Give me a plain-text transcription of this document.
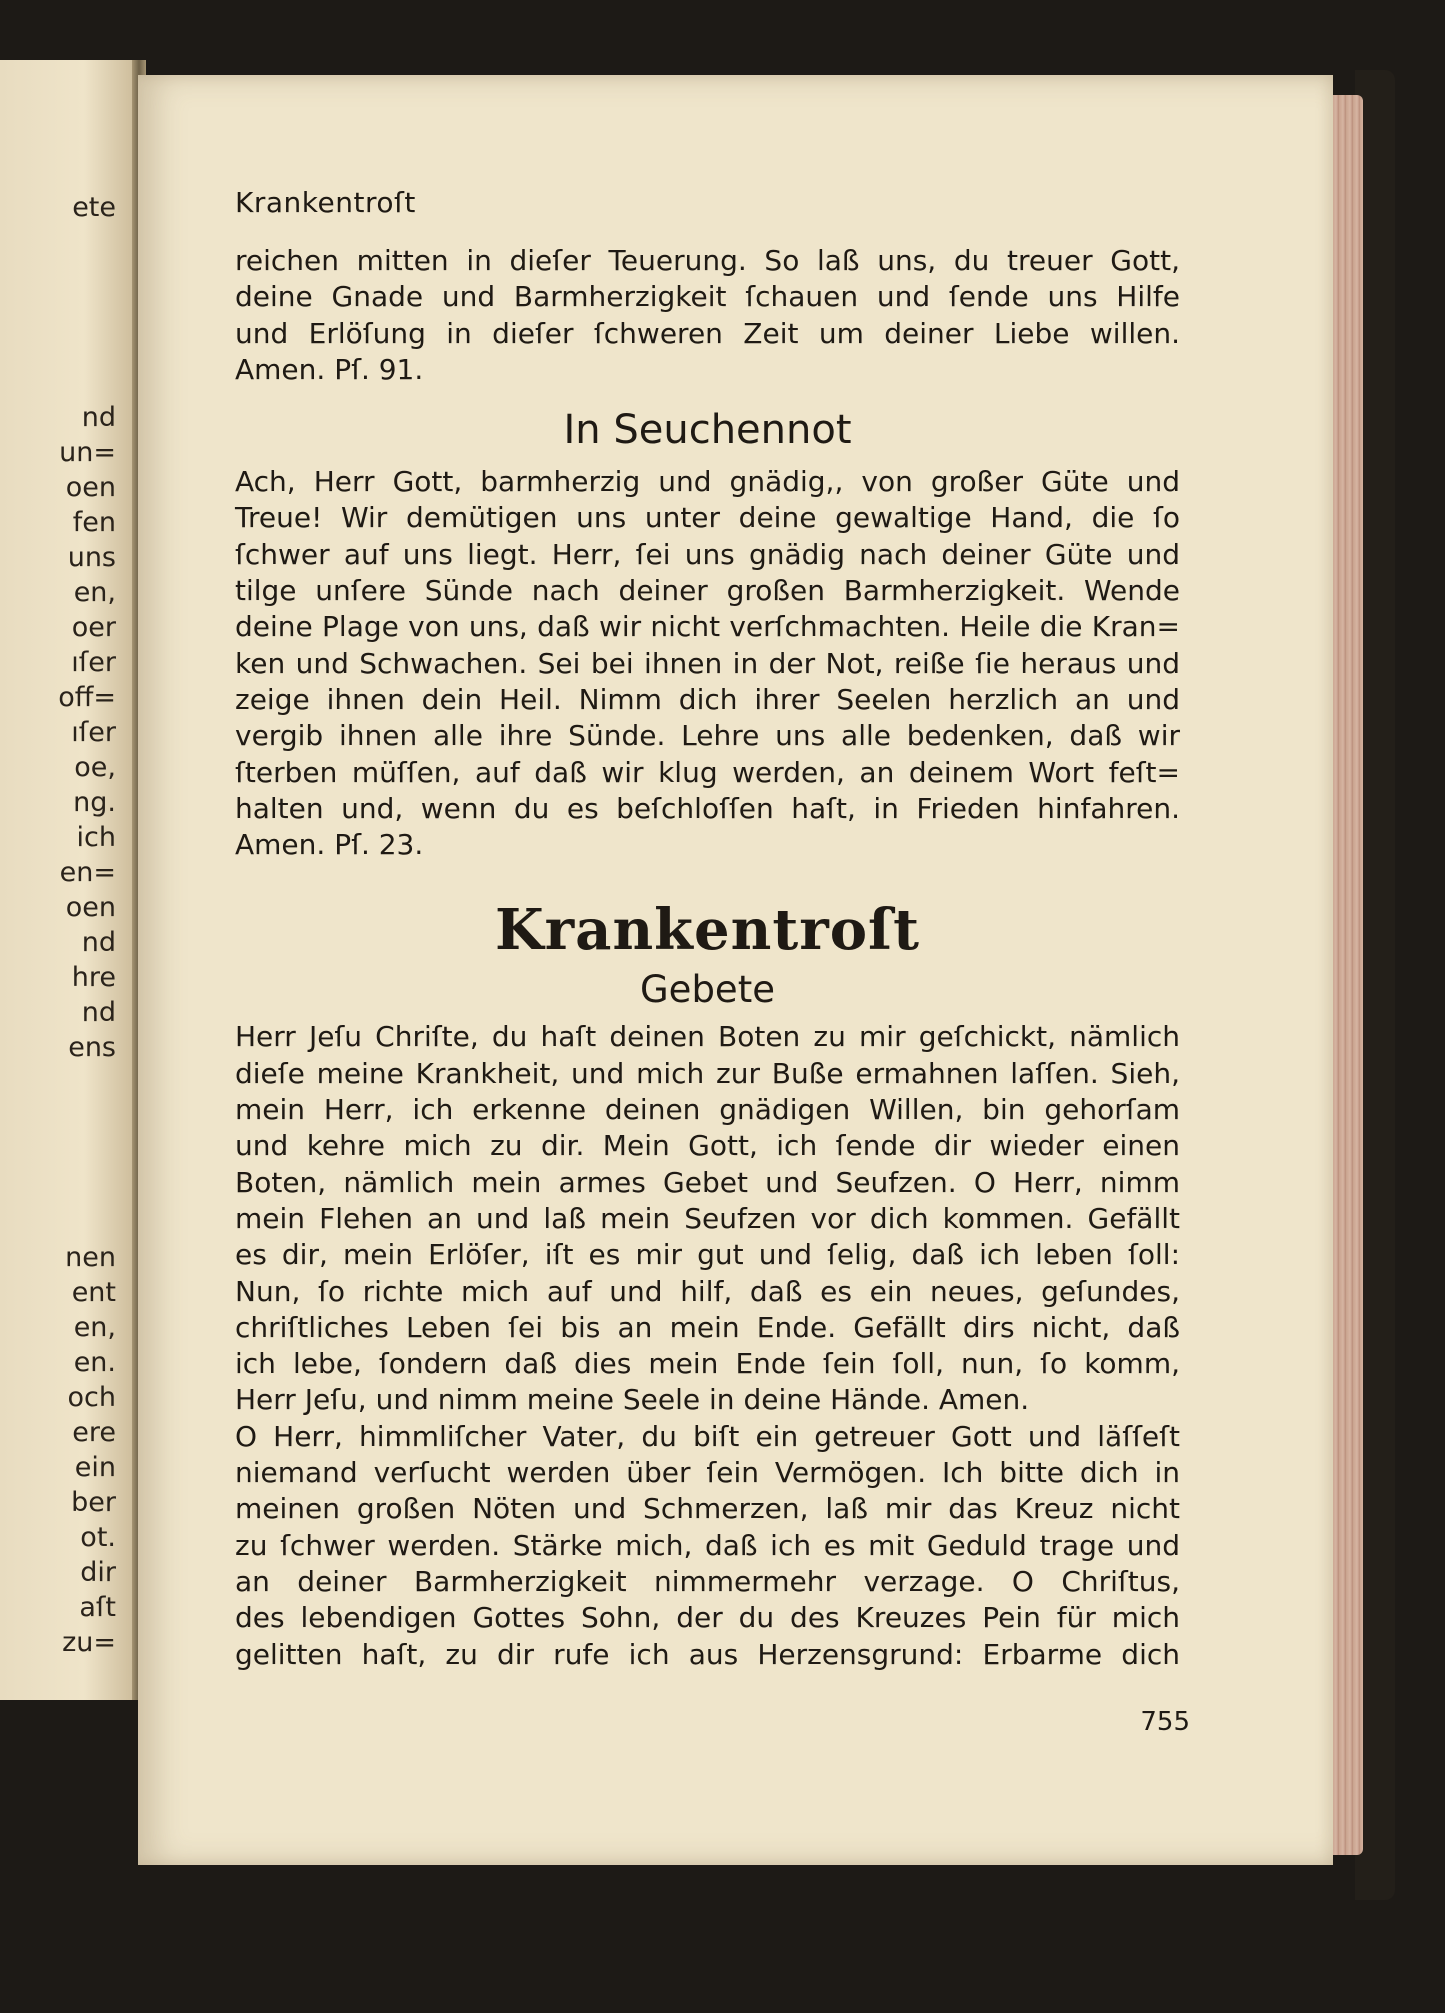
ete
nd
un=
oen
fen
uns
en,
oer
ıſer
off=
ıſer
oe,
ng.
ich
en=
oen
nd
hre
nd
ens
nen
ent
en,
en.
och
ere
ein
ber
ot.
dir
aſt
zu=
Krankentroſt
reichen mitten in dieſer Teuerung. So laß uns, du treuer Gott,
deine Gnade und Barmherzigkeit ſchauen und ſende uns Hilfe
und Erlöſung in dieſer ſchweren Zeit um deiner Liebe willen.
Amen. Pſ. 91.
In Seuchennot
Ach, Herr Gott, barmherzig und gnädig,, von großer Güte und
Treue! Wir demütigen uns unter deine gewaltige Hand, die ſo
ſchwer auf uns liegt. Herr, ſei uns gnädig nach deiner Güte und
tilge unſere Sünde nach deiner großen Barmherzigkeit. Wende
deine Plage von uns, daß wir nicht verſchmachten. Heile die Kran=
ken und Schwachen. Sei bei ihnen in der Not, reiße ſie heraus und
zeige ihnen dein Heil. Nimm dich ihrer Seelen herzlich an und
vergib ihnen alle ihre Sünde. Lehre uns alle bedenken, daß wir
ſterben müſſen, auf daß wir klug werden, an deinem Wort feſt=
halten und, wenn du es beſchloſſen haſt, in Frieden hinfahren.
Amen. Pſ. 23.
Krankentroſt
Gebete
Herr Jeſu Chriſte, du haſt deinen Boten zu mir geſchickt, nämlich
dieſe meine Krankheit, und mich zur Buße ermahnen laſſen. Sieh,
mein Herr, ich erkenne deinen gnädigen Willen, bin gehorſam
und kehre mich zu dir. Mein Gott, ich ſende dir wieder einen
Boten, nämlich mein armes Gebet und Seufzen. O Herr, nimm
mein Flehen an und laß mein Seufzen vor dich kommen. Gefällt
es dir, mein Erlöſer, iſt es mir gut und ſelig, daß ich leben ſoll:
Nun, ſo richte mich auf und hilf, daß es ein neues, geſundes,
chriſtliches Leben ſei bis an mein Ende. Gefällt dirs nicht, daß
ich lebe, ſondern daß dies mein Ende ſein ſoll, nun, ſo komm,
Herr Jeſu, und nimm meine Seele in deine Hände. Amen.
O Herr, himmliſcher Vater, du biſt ein getreuer Gott und läſſeſt
niemand verſucht werden über ſein Vermögen. Ich bitte dich in
meinen großen Nöten und Schmerzen, laß mir das Kreuz nicht
zu ſchwer werden. Stärke mich, daß ich es mit Geduld trage und
an deiner Barmherzigkeit nimmermehr verzage. O Chriſtus,
des lebendigen Gottes Sohn, der du des Kreuzes Pein für mich
gelitten haſt, zu dir rufe ich aus Herzensgrund: Erbarme dich
755
